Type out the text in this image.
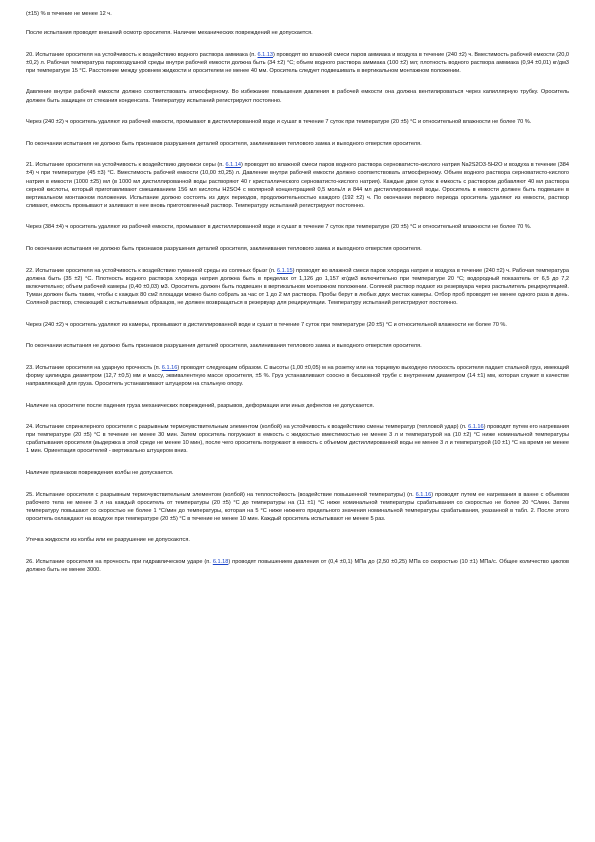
(±15) % в течение не менее 12 ч.

После испытания проводят внешний осмотр ороситепя. Наличие механических повреждений не допускается.

20. Испытание оросителя на устойчивость к воздействию водного раствора аммиака (п. 6.1.13) проводят во влажной смеси паров аммиака и воздуха в течение (240 ±2) ч. Вместимость рабочей емкости (20,0 ±0,2) л. Рабочая температура паровоздушной среды внутри рабочей емкости должна быть (34 ±2) °С; объем водного раствора аммиака (100 ±2) мл; плотность водного раствора аммиака (0,94 ±0,01) кг/дм3 при температуре 15 °С. Расстояние между уровнем жидкости и оросителем не менее 40 мм. Ороситель следует подвешивать в вертикальном монтажном положении.

Давление внутри рабочей емкости должно соответствовать атмосферному. Во избежание повышения давления в рабочей емкости она должна вентилироваться через капиллярную трубку. Ороситель должен быть защищен от стекания конденсата. Температуру испытаний регистрируют постоянно.

Через (240 ±2) ч ороситель удаляют из рабочей емкости, промывают в дистиллированной воде и сушат в течение 7 суток при температуре (20 ±5) °С и относительной влажности не более 70 %.

По окончании испытания не должно быть признаков разрушения деталей оросителя, заклинивания теплового замка и выходного отверстия оросителя.

21. Испытание оросителя на устойчивость к воздействию двуокиси серы (п. 6.1.14) проводят во влажной смеси паров водного раствора серноватисто-кислого натрия Na2S2O3·5H2O и воздуха в течение (384 ±4) ч при температуре (45 ±3) °С. Вместимость рабочей емкости (10,00 ±0,25) л. Давление внутри рабочей емкости должно соответствовать атмосферному. Объем водного раствора серноватисто-кислого натрия в емкости (1000 ±25) мл (в 1000 мл дистиллированной воды растворяют 40 г кристаллического серноватисто-кислого натрия). Каждые двое суток в емкость с раствором добавляют 40 мл раствора серной кислоты, который приготавливают смешиванием 156 мл кислоты H2SO4 с молярной концентрацией 0,5 моль/л и 844 мл дистиллированной воды. Ороситель в емкости должен быть подвешен в вертикальном монтажном положении. Испытание должно состоять из двух периодов, продолжительностью каждого (192 ±2) ч. По окончании первого периода ороситель удаляют из емкости, раствор сливают, емкость промывают и заливают в нее вновь приготовленный раствор. Температуру испытаний регистрируют постоянно.

Через (384 ±4) ч ороситель удаляют из рабочей емкости, промывают в дистиллированной воде и сушат в течение 7 суток при температуре (20 ±5) °С и относительной влажности не более 70 %.

По окончании испытания не должно быть признаков разрушения деталей оросителя, заклинивания теплового замка и выходного отверстия оросителя.

22. Испытание оросителя на устойчивость к воздействию туманной среды из соляных брызг (п. 6.1.15) проводят во влажной смеси паров хлорида натрия и воздуха в течение (240 ±2) ч. Рабочая температура должна быть (35 ±2) °С. Плотность водного раствора хлорида натрия должна быть в пределах от 1,126 до 1,157 кг/дм3 включительно при температуре 20 °С; водородный показатель от 6,5 до 7,2 включительно; объем рабочей камеры (0,40 ±0,03) м3. Ороситель должен быть подвешен в вертикальном монтажном положении. Соляной раствор подают из резервуара через распылитель рециркуляцией. Туман должен быть таким, чтобы с каждых 80 см2 площади можно было собрать за час от 1 до 2 мл раствора. Пробы берут в любых двух местах камеры. Отбор проб проводят не менее одного раза в день. Соляной раствор, стекающий с испытываемых образцов, не должен возвращаться в резервуар для рециркуляции. Температуру испытаний регистрируют постоянно.

Через (240 ±2) ч ороситель удаляют из камеры, промывают в дистиллированной воде и сушат в течение 7 суток при температуре (20 ±5) °С и относительной влажности не более 70 %.

По окончании испытания не должно быть признаков разрушения деталей оросителя, заклинивания теплового замка и выходного отверстия оросителя.

23. Испытание оросителя на ударную прочность (п. 6.1.16) проводят следующим образом. С высоты (1,00 ±0,05) м на розетку или на торцевую выходную плоскость оросителя падает стальной груз, имеющий форму цилиндра диаметром (12,7 ±0,5) мм и массу, эквивалентную массе оросителя, ±5 %. Груз устанавливают соосно в бесшовной трубе с внутренним диаметром (14 ±1) мм, которая служит в качестве направляющей для груза. Ороситель устанавливают штуцером на стальную опору.

Наличие на оросителе после падения груза механических повреждений, разрывов, деформации или иных дефектов не допускается.

24. Испытание спринклерного оросителя с разрывным термочувствительным элементом (колбой) на устойчивость к воздействию смены температур (тепловой удар) (п. 6.1.16) проводят путем его нагревания при температуре (20 ±5) °С в течение не менее 30 мин. Затем ороситель погружают в емкость с жидкостью вместимостью не менее 3 л и температурой на (10 ±2) °С ниже номинальной температуры срабатывания оросителя (выдержка в этой среде не менее 10 мин), после чего ороситель погружают в емкость с объемом дистиллированной воды не менее 3 л и температурой (10 ±1) °С на время не менее 1 мин. Ориентация оросителей - вертикально штуцером вниз.

Наличие признаков повреждения колбы не допускается.

25. Испытание оросителя с разрывным термочувствительным элементом (колбой) на теплостойкость (воздействие повышенной температуры) (п. 6.1.16) проводят путем ее нагревания в ванне с объемом рабочего тела не менее 3 л на каждый ороситель от температуры (20 ±5) °С до температуры на (11 ±1) °С ниже номинальной температуры срабатывания со скоростью не более 20 °С/мин. Затем температуру повышают со скоростью не более 1 °С/мин до температуры, которая на 5 °С ниже нижнего предельного значения номинальной температуры срабатывания, указанной в табл. 2. После этого ороситель охлаждают на воздухе при температуре (20 ±5) °С в течение не менее 10 мин. Каждый ороситель испытывают не менее 5 раз.

Утечка жидкости из колбы или ее разрушение не допускаются.

26. Испытание оросителя на прочность при гидравлическом ударе (п. 6.1.18) проводят повышением давления от (0,4 ±0,1) МПа до (2,50 ±0,25) МПа со скоростью (10 ±1) МПа/с. Общее количество циклов должно быть не менее 3000.
